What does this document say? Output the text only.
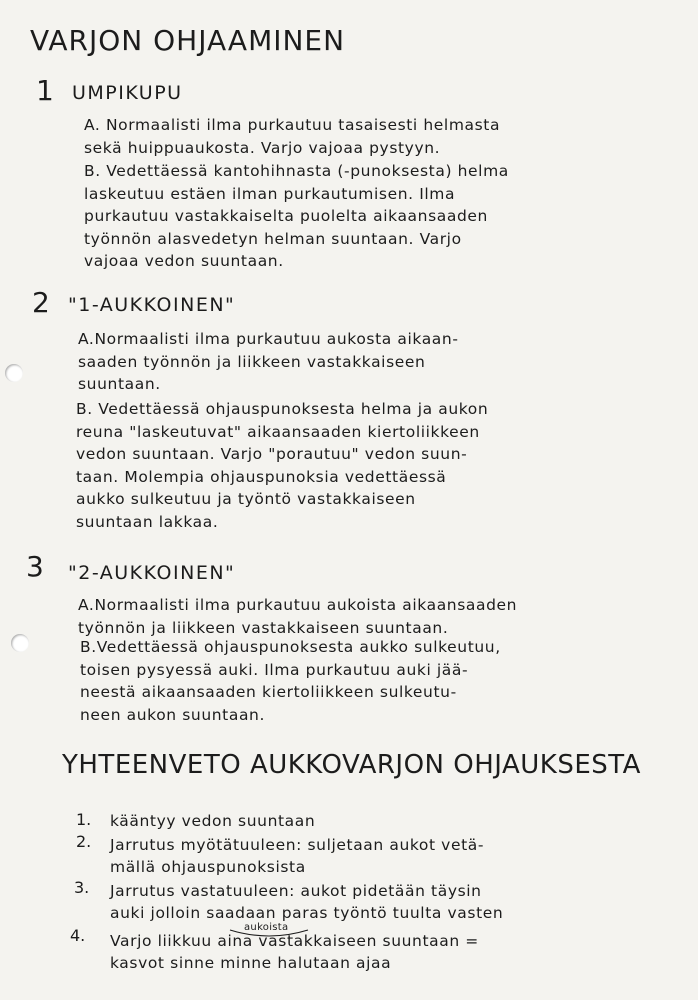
VARJON OHJAAMINEN
1 UMPIKUPU
A. Normaalisti ilma purkautuu tasaisesti helmasta
sekä huippuaukosta. Varjo vajoaa pystyyn.
B. Vedettäessä kantohihnasta (-punoksesta) helma
laskeutuu estäen ilman purkautumisen. Ilma
purkautuu vastakkaiselta puolelta aikaansaaden
työnnön alasvedetyn helman suuntaan. Varjo
vajoaa vedon suuntaan.
2 "1-AUKKOINEN"
A.Normaalisti ilma purkautuu aukosta aikaan-
saaden työnnön ja liikkeen vastakkaiseen
suuntaan.
B. Vedettäessä ohjauspunoksesta helma ja aukon
reuna "laskeutuvat" aikaansaaden kiertoliikkeen
vedon suuntaan. Varjo "porautuu" vedon suun-
taan. Molempia ohjauspunoksia vedettäessä
aukko sulkeutuu ja työntö vastakkaiseen
suuntaan lakkaa.
3 "2-AUKKOINEN"
A.Normaalisti ilma purkautuu aukoista aikaansaaden
työnnön ja liikkeen vastakkaiseen suuntaan.
B.Vedettäessä ohjauspunoksesta aukko sulkeutuu,
toisen pysyessä auki. Ilma purkautuu auki jää-
neestä aikaansaaden kiertoliikkeen sulkeutu-
neen aukon suuntaan.
YHTEENVETO AUKKOVARJON OHJAUKSESTA
1. kääntyy vedon suuntaan
2. Jarrutus myötätuuleen: suljetaan aukot vetä-
mällä ohjauspunoksista
3. Jarrutus vastatuuleen: aukot pidetään täysin
auki jolloin saadaan paras työntö tuulta vasten
aukoista
4. Varjo liikkuu aina vastakkaiseen suuntaan =
kasvot sinne minne halutaan ajaa
